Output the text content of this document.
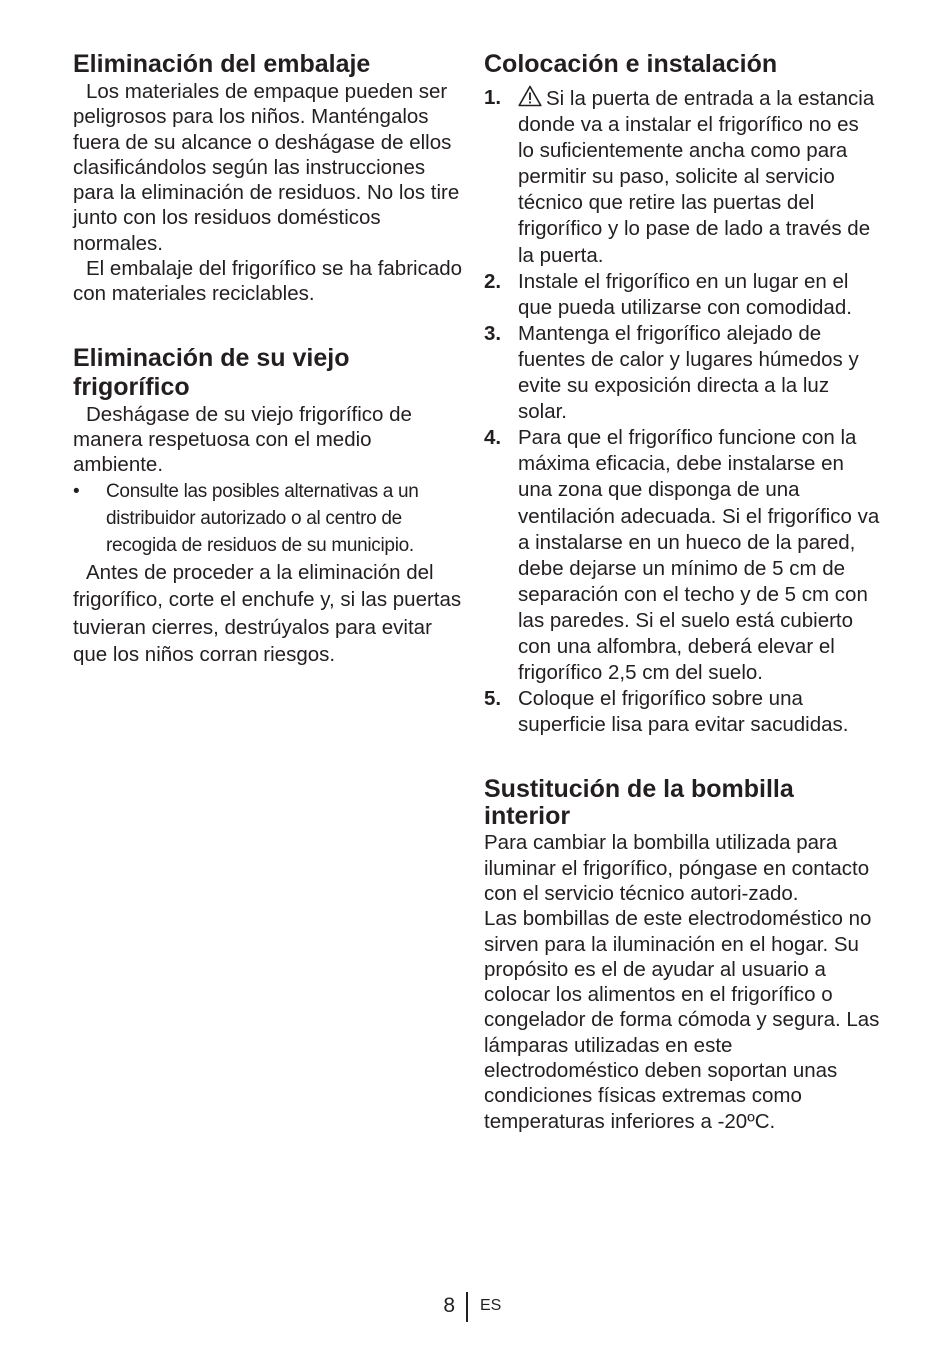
Eliminación del embalaje

Los materiales de empaque pueden ser peligrosos para los niños. Manténgalos fuera de su alcance o deshágase de ellos clasificándolos según las instrucciones para la eliminación de residuos. No los tire junto con los residuos domésticos normales.

El embalaje del frigorífico se ha fabricado con materiales reciclables.

Eliminación de su viejo frigorífico

Deshágase de su viejo frigorífico de manera respetuosa con el medio ambiente.

• Consulte las posibles alternativas a un distribuidor autorizado o al centro de recogida de residuos de su municipio.

Antes de proceder a la eliminación del frigorífico, corte el enchufe y, si las puertas tuvieran cierres, destrúyalos para evitar que los niños corran riesgos.

Colocación e instalación
1. Si la puerta de entrada a la estancia donde va a instalar el frigorífico no es lo suficientemente ancha como para permitir su paso, solicite al servicio técnico que retire las puertas del frigorífico y lo pase de lado a través de la puerta.
2. Instale el frigorífico en un lugar en el que pueda utilizarse con comodidad.
3. Mantenga el frigorífico alejado de fuentes de calor y lugares húmedos y evite su exposición directa a la luz solar.
4. Para que el frigorífico funcione con la máxima eficacia, debe instalarse en una zona que disponga de una ventilación adecuada. Si el frigorífico va a instalarse en un hueco de la pared, debe dejarse un mínimo de 5 cm de separación con el techo y de 5 cm con las paredes. Si el suelo está cubierto con una alfombra, deberá elevar el frigorífico 2,5 cm del suelo.
5. Coloque el frigorífico sobre una superficie lisa para evitar sacudidas.
Sustitución de la bombilla interior

Para cambiar la bombilla utilizada para iluminar el frigorífico, póngase en contacto con el servicio técnico autori-zado.

Las bombillas de este electrodoméstico no sirven para la iluminación en el hogar. Su propósito es el de ayudar al usuario a colocar los alimentos en el frigorífico o congelador de forma cómoda y segura. Las lámparas utilizadas en este electrodoméstico deben soportan unas condiciones físicas extremas como temperaturas inferiores a -20ºC.

8 ES
